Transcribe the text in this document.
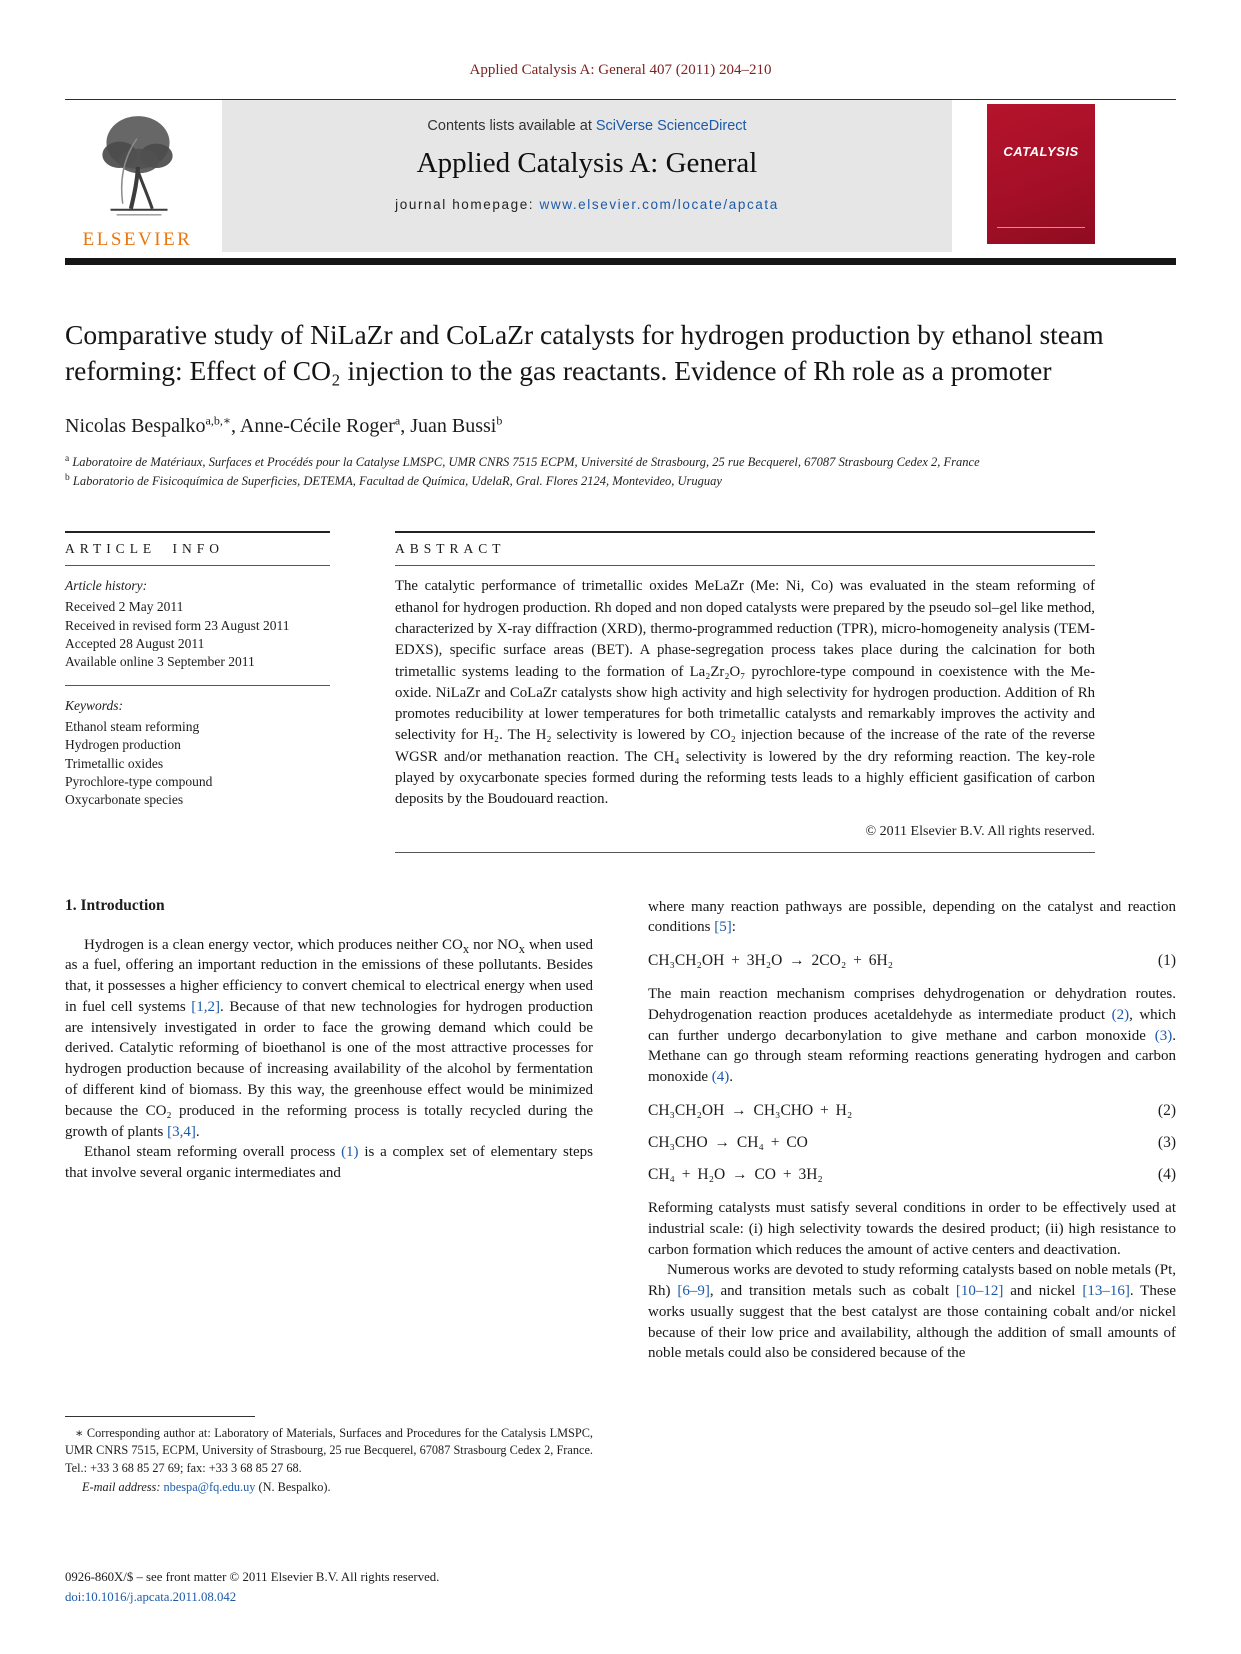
Applied Catalysis A: General 407 (2011) 204–210
ELSEVIER
Contents lists available at SciVerse ScienceDirect
Applied Catalysis A: General
journal homepage: www.elsevier.com/locate/apcata
CATALYSIS
Comparative study of NiLaZr and CoLaZr catalysts for hydrogen production by ethanol steam reforming: Effect of CO₂ injection to the gas reactants. Evidence of Rh role as a promoter
Nicolas Bespalko$^{a,b,∗}$, Anne-Cécile Roger$^a$, Juan Bussi$^b$
$^a$ Laboratoire de Matériaux, Surfaces et Procédés pour la Catalyse LMSPC, UMR CNRS 7515 ECPM, Université de Strasbourg, 25 rue Becquerel, 67087 Strasbourg Cedex 2, France
$^b$ Laboratorio de Fisicoquímica de Superficies, DETEMA, Facultad de Química, UdelaR, Gral. Flores 2124, Montevideo, Uruguay
ARTICLE INFO
Article history:
Received 2 May 2011
Received in revised form 23 August 2011
Accepted 28 August 2011
Available online 3 September 2011
Keywords:
Ethanol steam reforming
Hydrogen production
Trimetallic oxides
Pyrochlore-type compound
Oxycarbonate species
ABSTRACT

The catalytic performance of trimetallic oxides MeLaZr (Me: Ni, Co) was evaluated in the steam reforming of ethanol for hydrogen production. Rh doped and non doped catalysts were prepared by the pseudo sol–gel like method, characterized by X-ray diffraction (XRD), thermo-programmed reduction (TPR), micro-homogeneity analysis (TEM-EDXS), specific surface areas (BET). A phase-segregation process takes place during the calcination for both trimetallic systems leading to the formation of La₂Zr₂O₇ pyrochlore-type compound in coexistence with the Me-oxide. NiLaZr and CoLaZr catalysts show high activity and high selectivity for hydrogen production. Addition of Rh promotes reducibility at lower temperatures for both trimetallic catalysts and remarkably improves the activity and selectivity for H₂. The H₂ selectivity is lowered by CO₂ injection because of the increase of the rate of the reverse WGSR and/or methanation reaction. The CH₄ selectivity is lowered by the dry reforming reaction. The key-role played by oxycarbonate species formed during the reforming tests leads to a highly efficient gasification of carbon deposits by the Boudouard reaction.

© 2011 Elsevier B.V. All rights reserved.
1. Introduction

Hydrogen is a clean energy vector, which produces neither $CO_x$ nor $NO_x$ when used as a fuel, offering an important reduction in the emissions of these pollutants. Besides that, it possesses a higher efficiency to convert chemical to electrical energy when used in fuel cell systems [1,2]. Because of that new technologies for hydrogen production are intensively investigated in order to face the growing demand which could be derived. Catalytic reforming of bioethanol is one of the most attractive processes for hydrogen production because of increasing availability of the alcohol by fermentation of different kind of biomass. By this way, the greenhouse effect would be minimized because the CO₂ produced in the reforming process is totally recycled during the growth of plants [3,4].

Ethanol steam reforming overall process (1) is a complex set of elementary steps that involve several organic intermediates and

∗ Corresponding author at: Laboratory of Materials, Surfaces and Procedures for the Catalysis LMSPC, UMR CNRS 7515, ECPM, University of Strasbourg, 25 rue Becquerel, 67087 Strasbourg Cedex 2, France. Tel.: +33 3 68 85 27 69; fax: +33 3 68 85 27 68.
E-mail address: nbespa@fq.edu.uy (N. Bespalko).

where many reaction pathways are possible, depending on the catalyst and reaction conditions [5]:

CH₃CH₂OH + 3H₂O → 2CO₂ + 6H₂	(1)

The main reaction mechanism comprises dehydrogenation or dehydration routes. Dehydrogenation reaction produces acetaldehyde as intermediate product (2), which can further undergo decarbonylation to give methane and carbon monoxide (3). Methane can go through steam reforming reactions generating hydrogen and carbon monoxide (4).

CH₃CH₂OH → CH₃CHO + H₂	(2)
CH₃CHO → CH₄ + CO	(3)
CH₄ + H₂O → CO + 3H₂	(4)

Reforming catalysts must satisfy several conditions in order to be effectively used at industrial scale: (i) high selectivity towards the desired product; (ii) high resistance to carbon formation which reduces the amount of active centers and deactivation.

Numerous works are devoted to study reforming catalysts based on noble metals (Pt, Rh) [6–9], and transition metals such as cobalt [10–12] and nickel [13–16]. These works usually suggest that the best catalyst are those containing cobalt and/or nickel because of their low price and availability, although the addition of small amounts of noble metals could also be considered because of the

0926-860X/$ – see front matter © 2011 Elsevier B.V. All rights reserved.
doi:10.1016/j.apcata.2011.08.042
